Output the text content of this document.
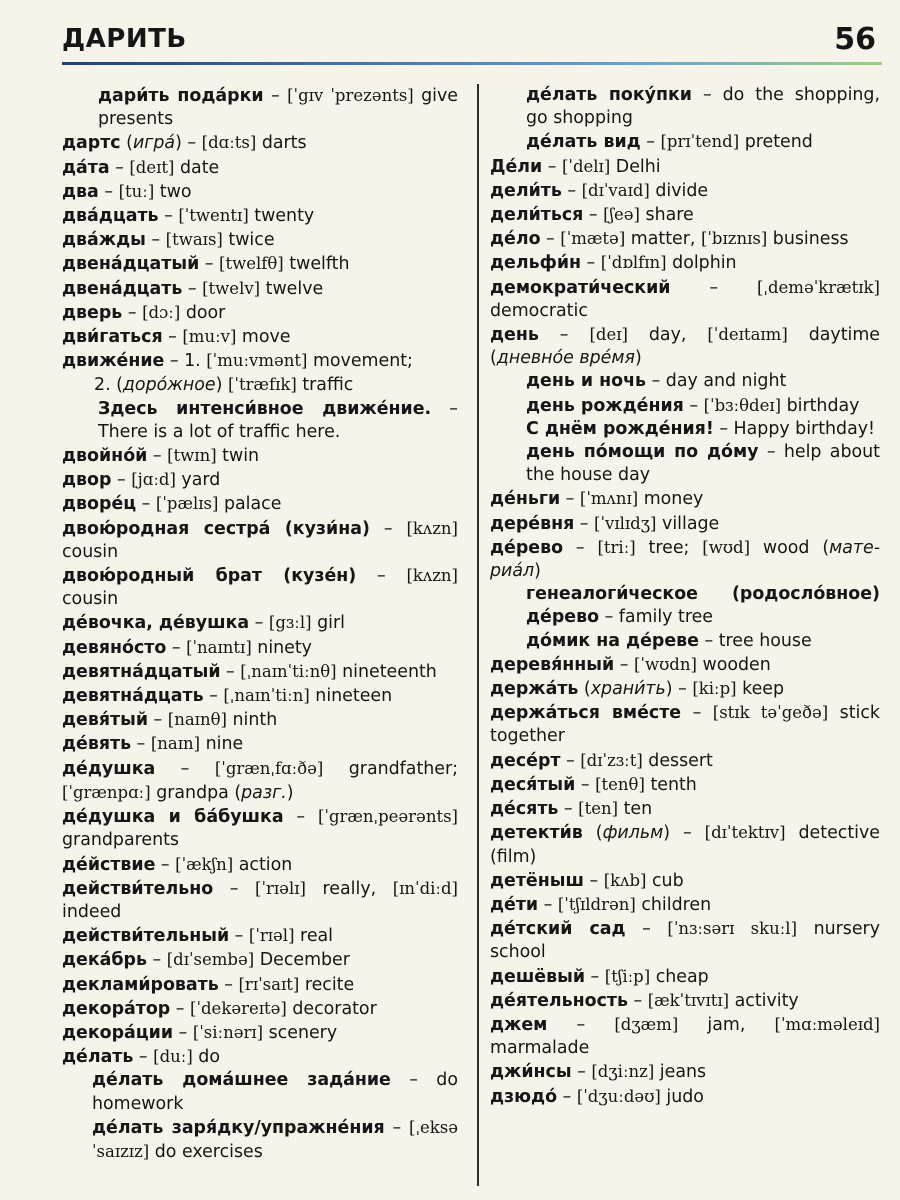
ДАРИТЬ	56
дари́ть пода́рки – [ˈgɪv ˈprezənts] give presents
дартс (игра́) – [dɑːts] darts
да́та – [deɪt] date
два – [tuː] two
два́дцать – [ˈtwentɪ] twenty
два́жды – [twaɪs] twice
двена́дцатый – [twelfθ] twelfth
двена́дцать – [twelv] twelve
дверь – [dɔː] door
дви́гаться – [muːv] move
движе́ние – 1. [ˈmuːvmənt] movement;
2. (доро́жное) [ˈtræfɪk] traffic
Здесь интенси́вное движе́ние. – There is a lot of traffic here.
двойно́й – [twɪn] twin
двор – [jɑːd] yard
дворе́ц – [ˈpælɪs] palace
двою́родная сестра́ (кузи́на) – [kʌzn] cousin
двою́родный брат (кузе́н) – [kʌzn] cousin
де́вочка, де́вушка – [gɜːl] girl
девяно́сто – [ˈnaɪntɪ] ninety
девятна́дцатый – [ˌnaɪnˈtiːnθ] nineteenth
девятна́дцать – [ˌnaɪnˈtiːn] nineteen
девя́тый – [naɪnθ] ninth
де́вять – [naɪn] nine
де́душка – [ˈgrænˌfɑːðə] grandfather; [ˈgrænpɑː] grandpa (разг.)
де́душка и ба́бушка – [ˈgrænˌpeərənts] grandparents
де́йствие – [ˈækʃn] action
действи́тельно – [ˈrɪəlɪ] really, [ɪnˈdiːd] indeed
действи́тельный – [ˈrɪəl] real
дека́брь – [dɪˈsembə] December
деклами́ровать – [rɪˈsaɪt] recite
декора́тор – [ˈdekəreɪtə] decorator
декора́ции – [ˈsiːnərɪ] scenery
де́лать – [duː] do
де́лать дома́шнее зада́ние – do homework
де́лать заря́дку/упражне́ния – [ˌeksəˈsaɪzɪz] do exercises
де́лать поку́пки – do the shopping, go shopping
де́лать вид – [prɪˈtend] pretend
Де́ли – [ˈdelɪ] Delhi
дели́ть – [dɪˈvaɪd] divide
дели́ться – [ʃeə] share
де́ло – [ˈmætə] matter, [ˈbɪznɪs] business
дельфи́н – [ˈdɒlfɪn] dolphin
демократи́ческий – [ˌdeməˈkrætɪk] democratic
день – [deɪ] day, [ˈdeɪtaɪm] daytime (дневно́е вре́мя)
день и ночь – day and night
день рожде́ния – [ˈbɜːθdeɪ] birthday
С днём рожде́ния! – Happy birthday!
день по́мощи по до́му – help about the house day
де́ньги – [ˈmʌnɪ] money
дере́вня – [ˈvɪlɪdʒ] village
де́рево – [triː] tree; [wʊd] wood (материа́л)
генеалоги́ческое (родосло́вное) де́рево – family tree
до́мик на де́реве – tree house
деревя́нный – [ˈwʊdn] wooden
держа́ть (храни́ть) – [kiːp] keep
держа́ться вме́сте – [stɪk təˈgeðə] stick together
десе́рт – [dɪˈzɜːt] dessert
деся́тый – [tenθ] tenth
де́сять – [ten] ten
детекти́в (фильм) – [dɪˈtektɪv] detective (film)
детёныш – [kʌb] cub
де́ти – [ˈtʃɪldrən] children
де́тский сад – [ˈnɜːsərɪ skuːl] nursery school
дешёвый – [tʃiːp] cheap
де́ятельность – [ækˈtɪvɪtɪ] activity
джем – [dʒæm] jam, [ˈmɑːməleɪd] marmalade
джи́нсы – [dʒiːnz] jeans
дзюдо́ – [ˈdʒuːdəʊ] judo
